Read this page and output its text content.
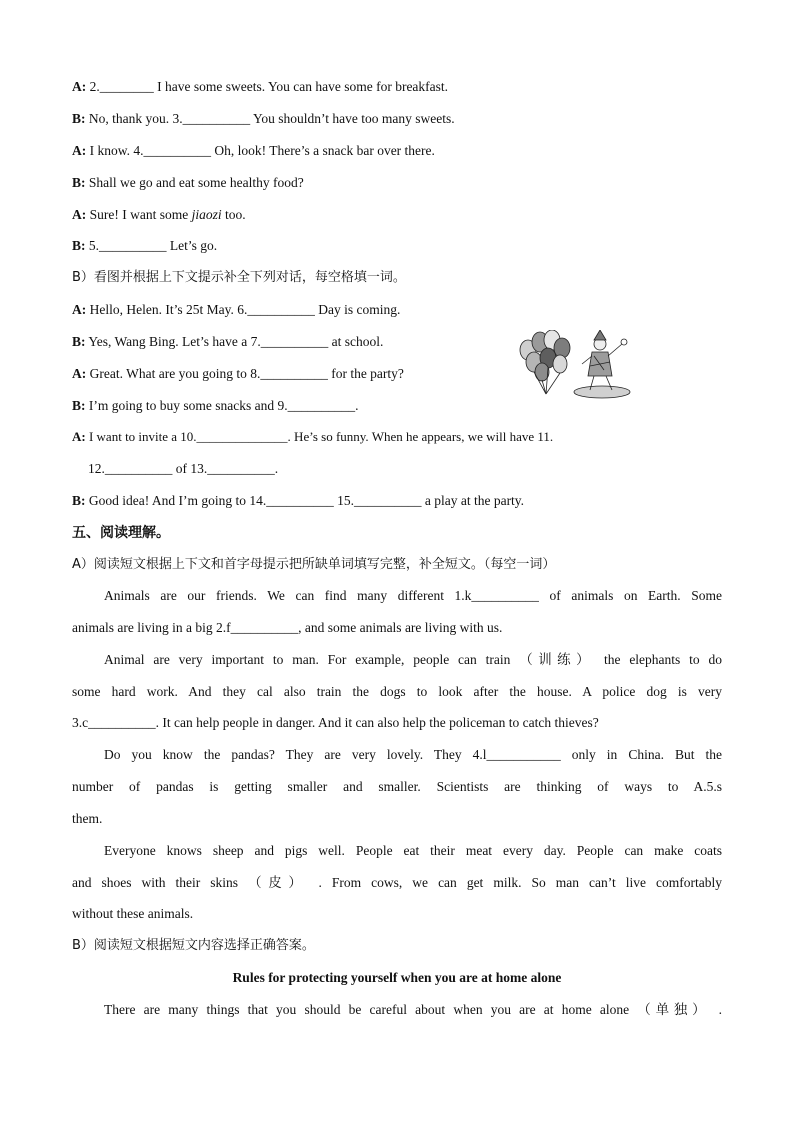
A: 2.________ I have some sweets. You can have some for breakfast.
B: No, thank you. 3.__________ You shouldn’t have too many sweets.
A: I know. 4.__________ Oh, look! There’s a snack bar over there.
B: Shall we go and eat some healthy food?
A: Sure! I want some jiaozi too.
B: 5.__________ Let’s go.
B）看图并根据上下文提示补全下列对话，每空格填一词。
A: Hello, Helen. It’s 25t May. 6.__________ Day is coming.
B: Yes, Wang Bing. Let’s have a 7.__________ at school.
A: Great. What are you going to 8.__________ for the party?
B: I’m going to buy some snacks and 9.__________.
A: I want to invite a 10.______________. He’s so funny. When he appears, we will have 11.
12.__________ of 13.__________.
B: Good idea! And I’m going to 14.__________ 15.__________ a play at the party.
五、阅读理解。
A）阅读短文根据上下文和首字母提示把所缺单词填写完整，补全短文。（每空一词）
Animals are our friends. We can find many different 1.k__________ of animals on Earth. Some
animals are living in a big 2.f__________, and some animals are living with us.
Animal are very important to man. For example, people can train （训练） the elephants to do
some hard work. And they cal also train the dogs to look after the house. A police dog is very
3.c__________. It can help people in danger. And it can also help the policeman to catch thieves?
Do you know the pandas? They are very lovely. They 4.l___________ only in China. But the
number of pandas is getting smaller and smaller. Scientists are thinking of ways to A.5.s
them.
Everyone knows sheep and pigs well. People eat their meat every day. People can make coats
and shoes with their skins （皮） . From cows, we can get milk. So man can’t live comfortably
without these animals.
B）阅读短文根据短文内容选择正确答案。
Rules for protecting yourself when you are at home alone
There are many things that you should be careful about when you are at home alone （单独） .
